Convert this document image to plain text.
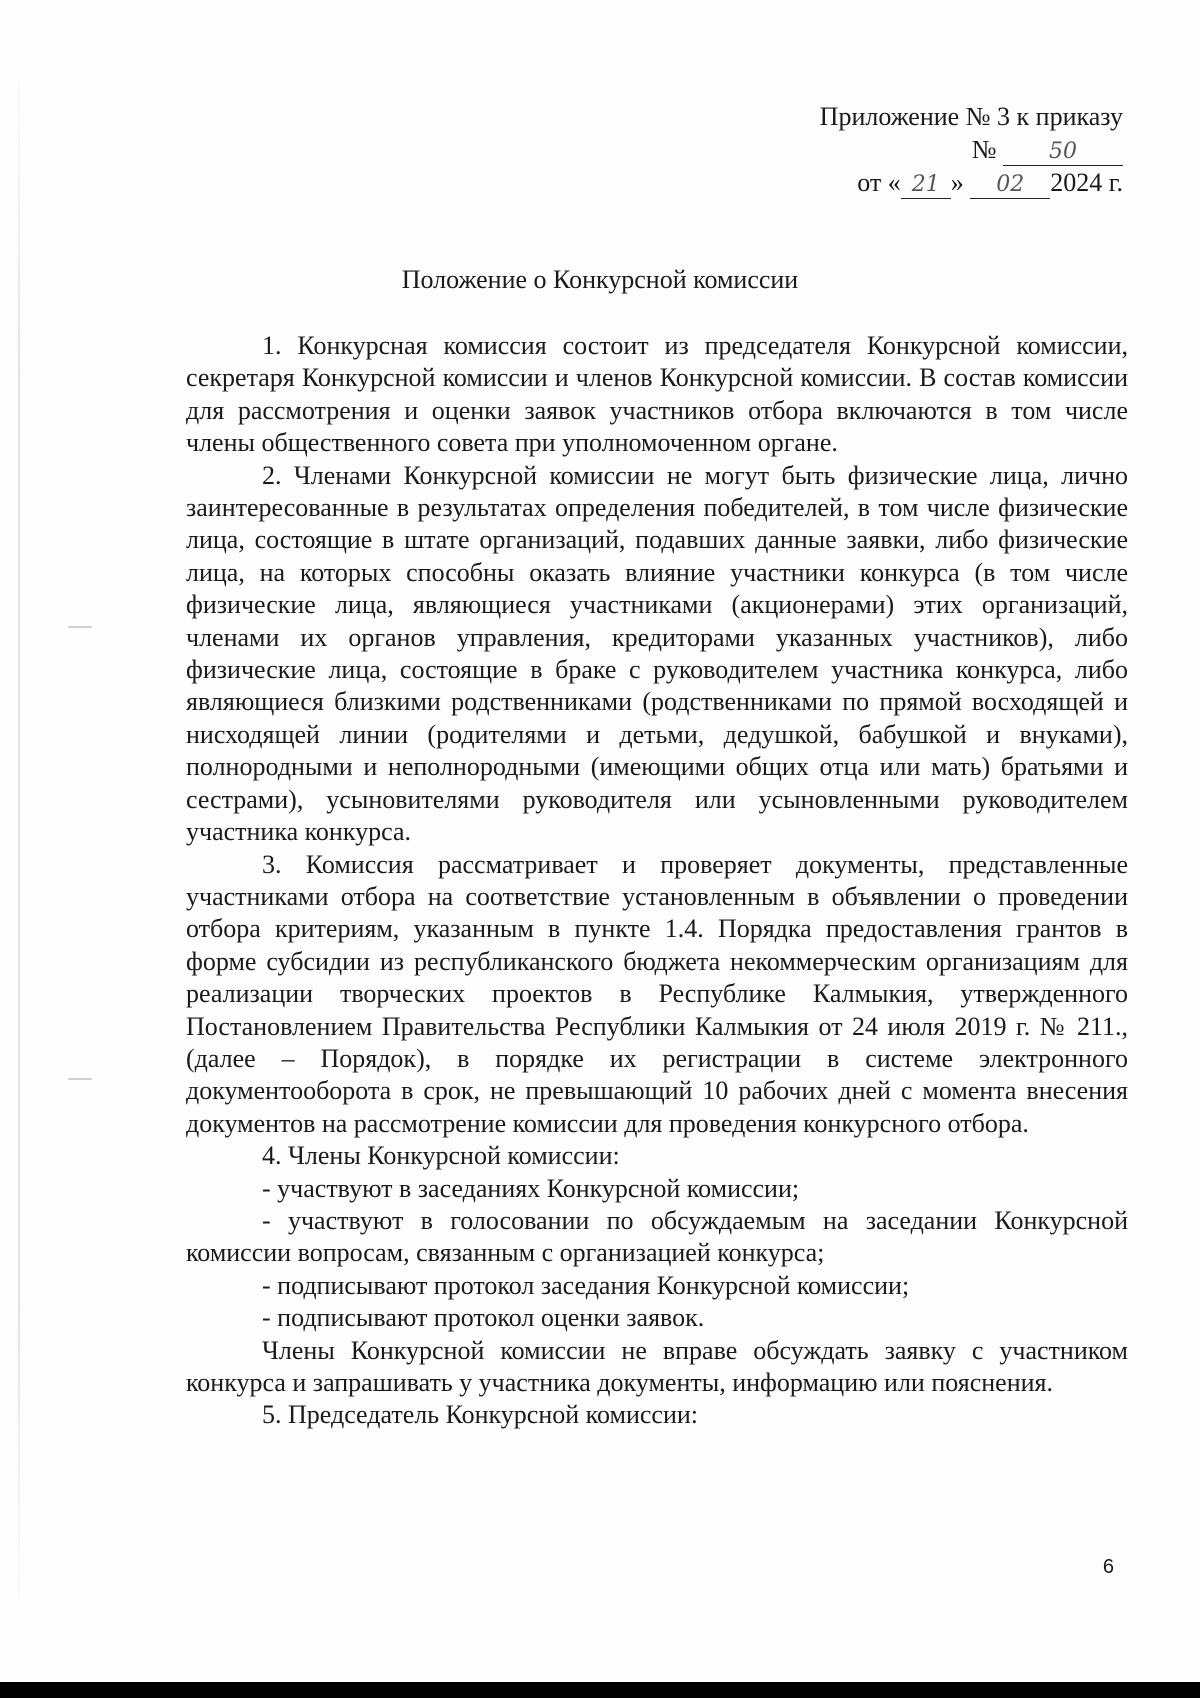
Приложение № 3 к приказу
№ 50
от « 21 » 02 2024 г.
Положение о Конкурсной комиссии

1. Конкурсная комиссия состоит из председателя Конкурсной комиссии, секретаря Конкурсной комиссии и членов Конкурсной комиссии. В состав комиссии для рассмотрения и оценки заявок участников отбора включаются в том числе члены общественного совета при уполномоченном органе.

2. Членами Конкурсной комиссии не могут быть физические лица, лично заинтересованные в результатах определения победителей, в том числе физические лица, состоящие в штате организаций, подавших данные заявки, либо физические лица, на которых способны оказать влияние участники конкурса (в том числе физические лица, являющиеся участниками (акционерами) этих организаций, членами их органов управления, кредиторами указанных участников), либо физические лица, состоящие в браке с руководителем участника конкурса, либо являющиеся близкими родственниками (родственниками по прямой восходящей и нисходящей линии (родителями и детьми, дедушкой, бабушкой и внуками), полнородными и неполнородными (имеющими общих отца или мать) братьями и сестрами), усыновителями руководителя или усыновленными руководителем участника конкурса.

3. Комиссия рассматривает и проверяет документы, представленные участниками отбора на соответствие установленным в объявлении о проведении отбора критериям, указанным в пункте 1.4. Порядка предоставления грантов в форме субсидии из республиканского бюджета некоммерческим организациям для реализации творческих проектов в Республике Калмыкия, утвержденного Постановлением Правительства Республики Калмыкия от 24 июля 2019 г. № 211., (далее – Порядок), в порядке их регистрации в системе электронного документооборота в срок, не превышающий 10 рабочих дней с момента внесения документов на рассмотрение комиссии для проведения конкурсного отбора.

4. Члены Конкурсной комиссии:

- участвуют в заседаниях Конкурсной комиссии;

- участвуют в голосовании по обсуждаемым на заседании Конкурсной комиссии вопросам, связанным с организацией конкурса;

- подписывают протокол заседания Конкурсной комиссии;

- подписывают протокол оценки заявок.

Члены Конкурсной комиссии не вправе обсуждать заявку с участником конкурса и запрашивать у участника документы, информацию или пояснения.

5. Председатель Конкурсной комиссии:

6
